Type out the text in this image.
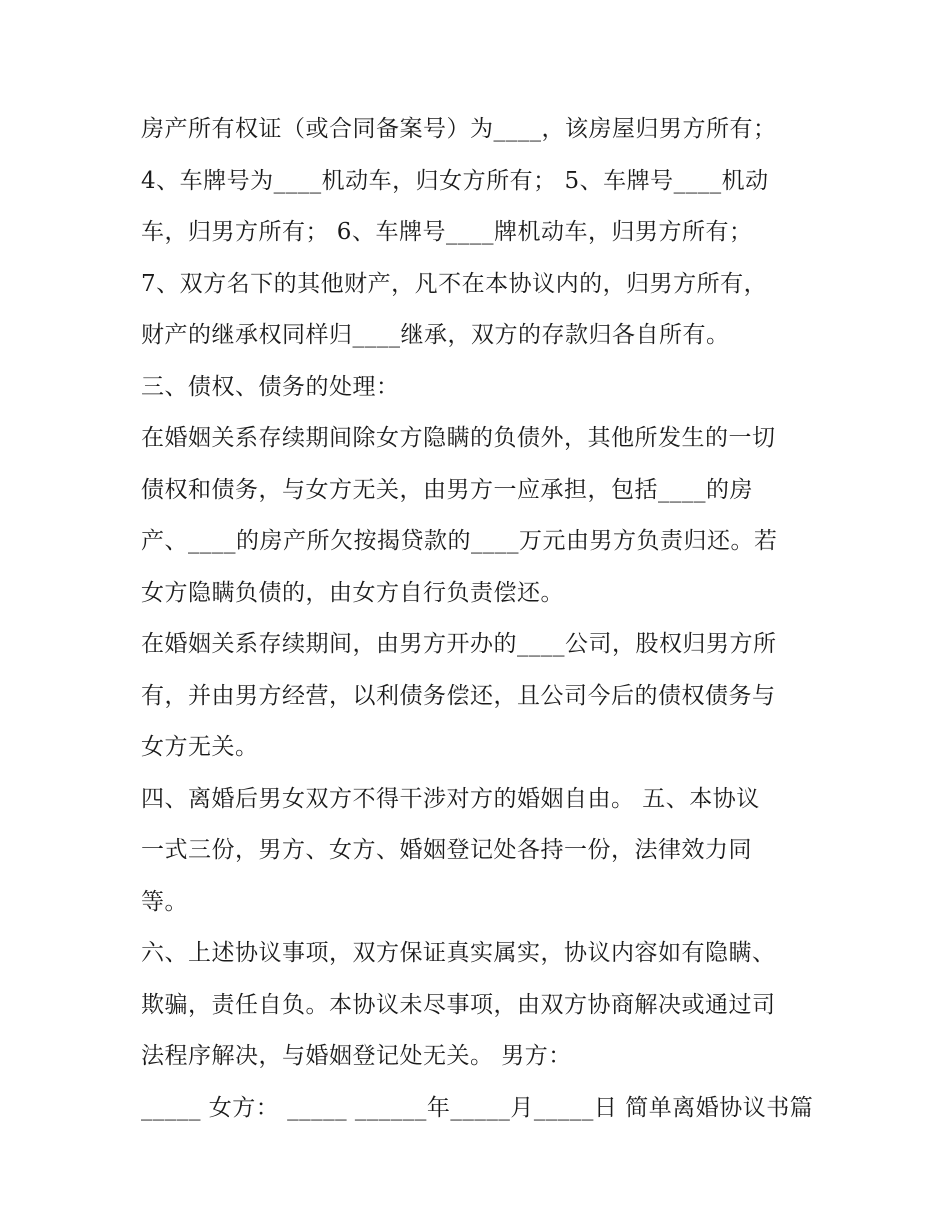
房产所有权证（或合同备案号）为____，该房屋归男方所有；
4、车牌号为____机动车，归女方所有； 5、车牌号____机动
车，归男方所有； 6、车牌号____牌机动车，归男方所有；
7、双方名下的其他财产，凡不在本协议内的，归男方所有，
财产的继承权同样归____继承，双方的存款归各自所有。
三、债权、债务的处理：
在婚姻关系存续期间除女方隐瞒的负债外，其他所发生的一切
债权和债务，与女方无关，由男方一应承担，包括____的房
产、____的房产所欠按揭贷款的____万元由男方负责归还。若
女方隐瞒负债的，由女方自行负责偿还。
在婚姻关系存续期间，由男方开办的____公司，股权归男方所
有，并由男方经营，以利债务偿还，且公司今后的债权债务与
女方无关。
四、离婚后男女双方不得干涉对方的婚姻自由。 五、本协议
一式三份，男方、女方、婚姻登记处各持一份，法律效力同
等。
六、上述协议事项，双方保证真实属实，协议内容如有隐瞒、
欺骗，责任自负。本协议未尽事项，由双方协商解决或通过司
法程序解决，与婚姻登记处无关。 男方：
_____ 女方： _____ ______年_____月_____日 简单离婚协议书篇
